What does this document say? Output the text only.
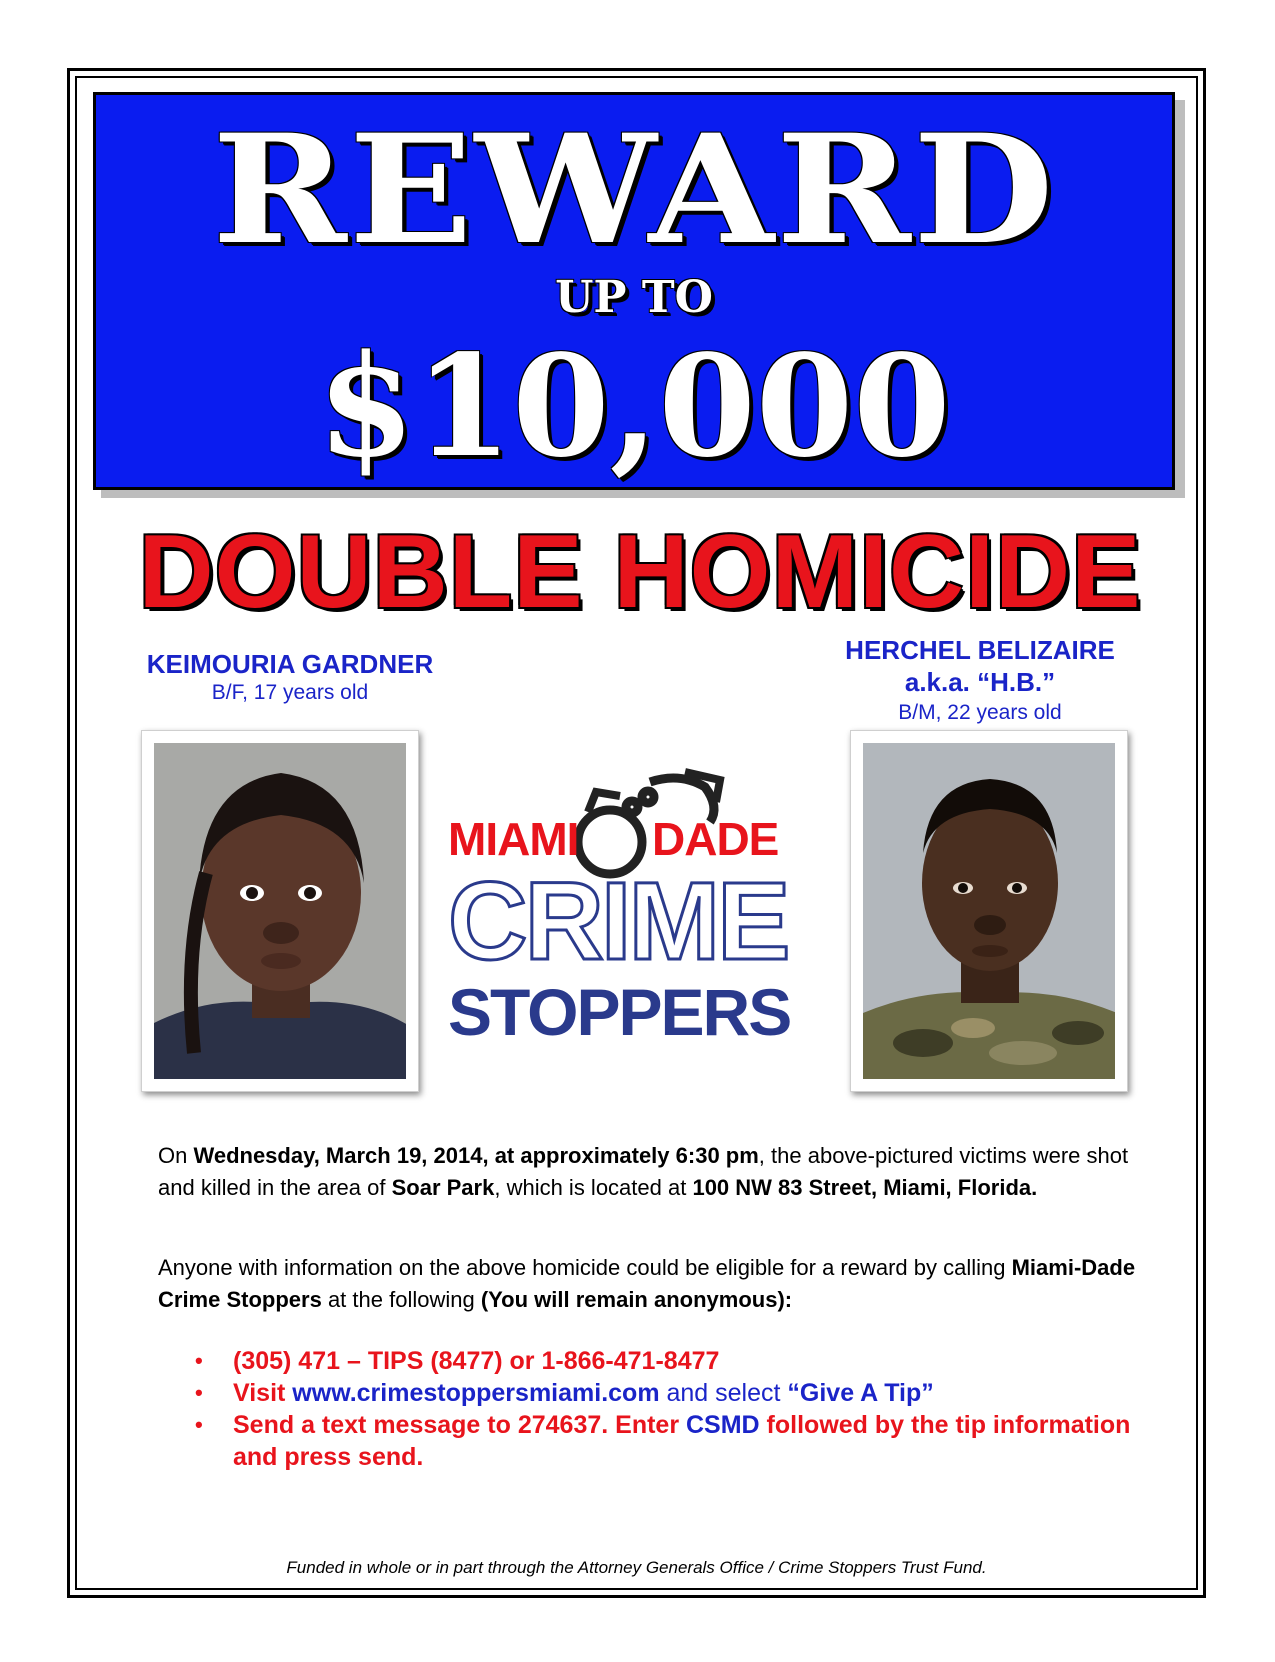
REWARD
UP TO
$10,000
DOUBLE HOMICIDE
KEIMOURIA GARDNER
B/F, 17 years old
HERCHEL BELIZAIRE
a.k.a. “H.B.”
B/M, 22 years old
MIAMI DADE
CRIME
STOPPERS
On Wednesday, March 19, 2014, at approximately 6:30 pm, the above-pictured victims were shot and killed in the area of Soar Park, which is located at 100 NW 83 Street, Miami, Florida.
Anyone with information on the above homicide could be eligible for a reward by calling Miami-Dade Crime Stoppers at the following (You will remain anonymous):
• (305) 471 – TIPS (8477) or 1-866-471-8477
• Visit www.crimestoppersmiami.com and select “Give A Tip”
• Send a text message to 274637. Enter CSMD followed by the tip information and press send.
Funded in whole or in part through the Attorney Generals Office / Crime Stoppers Trust Fund.
